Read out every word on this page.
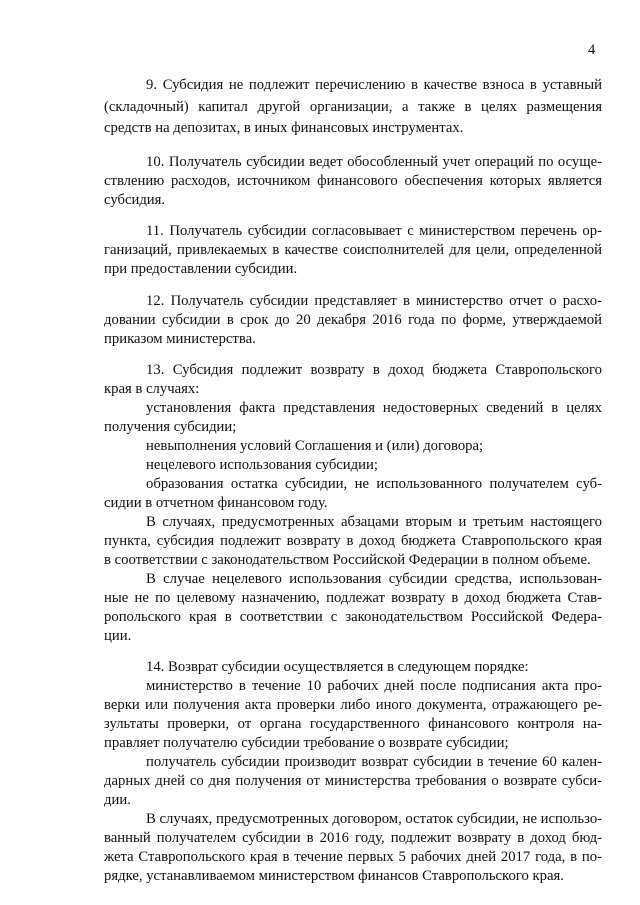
4
9. Субсидия не подлежит перечислению в качестве взноса в уставный
(складочный) капитал другой организации, а также в целях размещения
средств на депозитах, в иных финансовых инструментах.
10. Получатель субсидии ведет обособленный учет операций по осуще-
ствлению расходов, источником финансового обеспечения которых является
субсидия.
11. Получатель субсидии согласовывает с министерством перечень ор-
ганизаций, привлекаемых в качестве соисполнителей для цели, определенной
при предоставлении субсидии.
12. Получатель субсидии представляет в министерство отчет о расхо-
довании субсидии в срок до 20 декабря 2016 года по форме, утверждаемой
приказом министерства.
13. Субсидия подлежит возврату в доход бюджета Ставропольского
края в случаях:
установления факта представления недостоверных сведений в целях
получения субсидии;
невыполнения условий Соглашения и (или) договора;
нецелевого использования субсидии;
образования остатка субсидии, не использованного получателем суб-
сидии в отчетном финансовом году.
В случаях, предусмотренных абзацами вторым и третьим настоящего
пункта, субсидия подлежит возврату в доход бюджета Ставропольского края
в соответствии с законодательством Российской Федерации в полном объеме.
В случае нецелевого использования субсидии средства, использован-
ные не по целевому назначению, подлежат возврату в доход бюджета Став-
ропольского края в соответствии с законодательством Российской Федера-
ции.
14. Возврат субсидии осуществляется в следующем порядке:
министерство в течение 10 рабочих дней после подписания акта про-
верки или получения акта проверки либо иного документа, отражающего ре-
зультаты проверки, от органа государственного финансового контроля на-
правляет получателю субсидии требование о возврате субсидии;
получатель субсидии производит возврат субсидии в течение 60 кален-
дарных дней со дня получения от министерства требования о возврате субси-
дии.
В случаях, предусмотренных договором, остаток субсидии, не использо-
ванный получателем субсидии в 2016 году, подлежит возврату в доход бюд-
жета Ставропольского края в течение первых 5 рабочих дней 2017 года, в по-
рядке, устанавливаемом министерством финансов Ставропольского края.
